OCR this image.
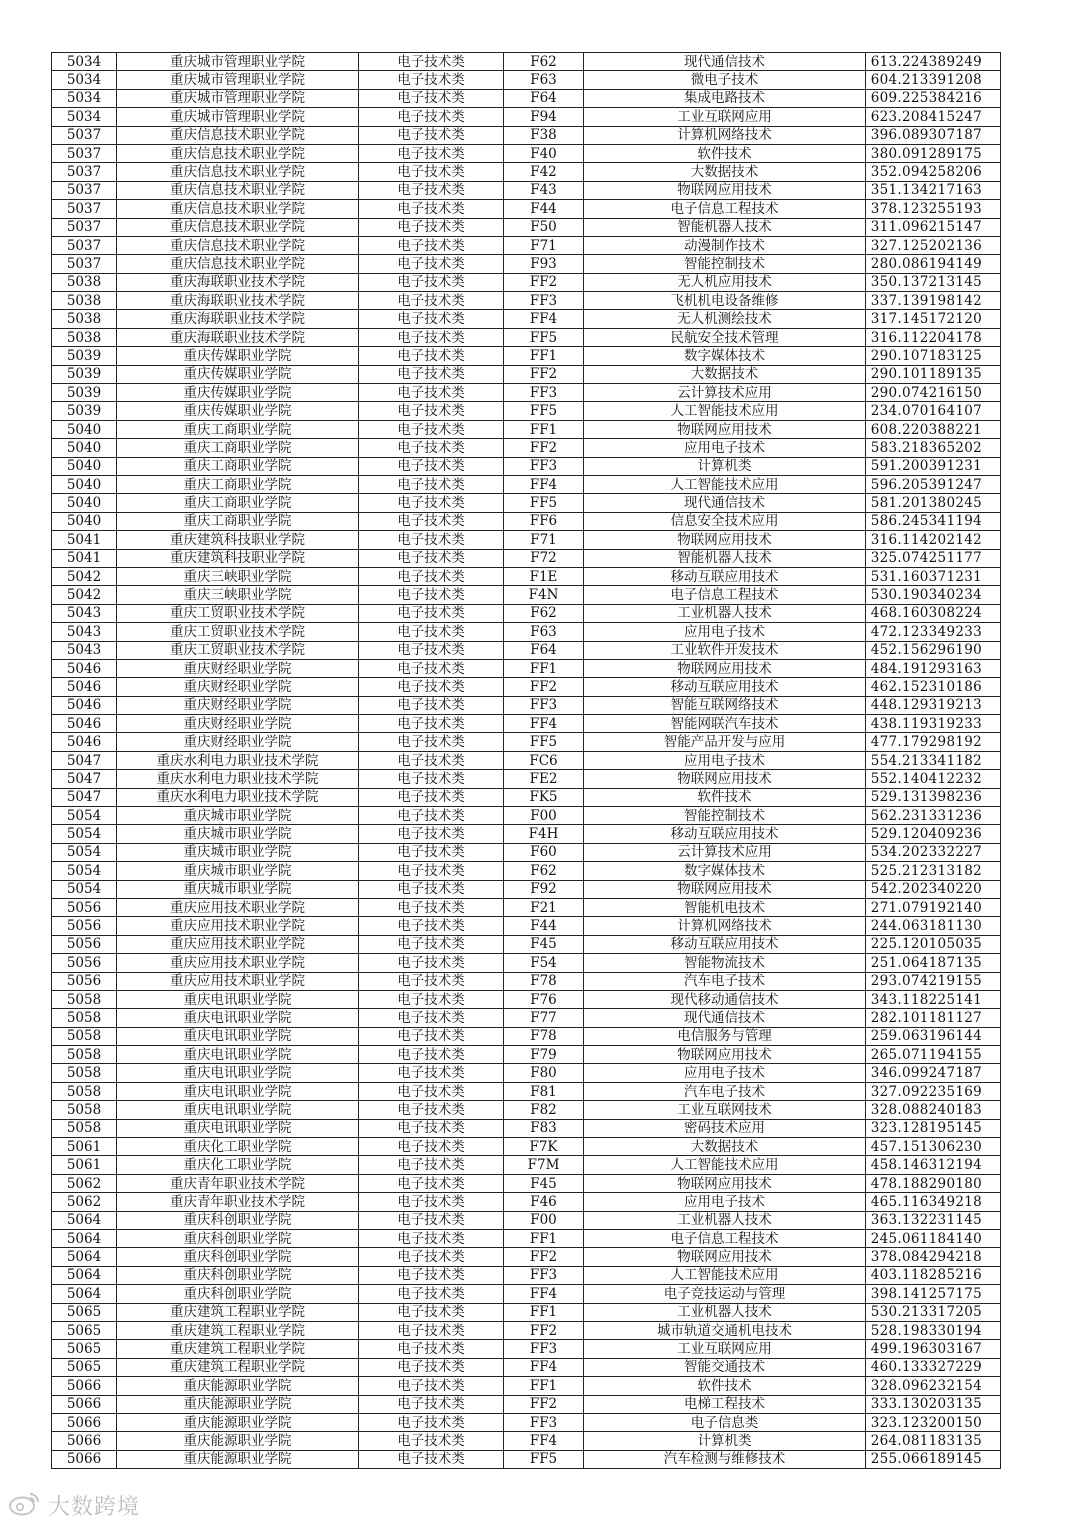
5034	重庆城市管理职业学院	电子技术类	F62	现代通信技术	613.224389249
5034	重庆城市管理职业学院	电子技术类	F63	微电子技术	604.213391208
5034	重庆城市管理职业学院	电子技术类	F64	集成电路技术	609.225384216
5034	重庆城市管理职业学院	电子技术类	F94	工业互联网应用	623.208415247
5037	重庆信息技术职业学院	电子技术类	F38	计算机网络技术	396.089307187
5037	重庆信息技术职业学院	电子技术类	F40	软件技术	380.091289175
5037	重庆信息技术职业学院	电子技术类	F42	大数据技术	352.094258206
5037	重庆信息技术职业学院	电子技术类	F43	物联网应用技术	351.134217163
5037	重庆信息技术职业学院	电子技术类	F44	电子信息工程技术	378.123255193
5037	重庆信息技术职业学院	电子技术类	F50	智能机器人技术	311.096215147
5037	重庆信息技术职业学院	电子技术类	F71	动漫制作技术	327.125202136
5037	重庆信息技术职业学院	电子技术类	F93	智能控制技术	280.086194149
5038	重庆海联职业技术学院	电子技术类	FF2	无人机应用技术	350.137213145
5038	重庆海联职业技术学院	电子技术类	FF3	飞机机电设备维修	337.139198142
5038	重庆海联职业技术学院	电子技术类	FF4	无人机测绘技术	317.145172120
5038	重庆海联职业技术学院	电子技术类	FF5	民航安全技术管理	316.112204178
5039	重庆传媒职业学院	电子技术类	FF1	数字媒体技术	290.107183125
5039	重庆传媒职业学院	电子技术类	FF2	大数据技术	290.101189135
5039	重庆传媒职业学院	电子技术类	FF3	云计算技术应用	290.074216150
5039	重庆传媒职业学院	电子技术类	FF5	人工智能技术应用	234.070164107
5040	重庆工商职业学院	电子技术类	FF1	物联网应用技术	608.220388221
5040	重庆工商职业学院	电子技术类	FF2	应用电子技术	583.218365202
5040	重庆工商职业学院	电子技术类	FF3	计算机类	591.200391231
5040	重庆工商职业学院	电子技术类	FF4	人工智能技术应用	596.205391247
5040	重庆工商职业学院	电子技术类	FF5	现代通信技术	581.201380245
5040	重庆工商职业学院	电子技术类	FF6	信息安全技术应用	586.245341194
5041	重庆建筑科技职业学院	电子技术类	F71	物联网应用技术	316.114202142
5041	重庆建筑科技职业学院	电子技术类	F72	智能机器人技术	325.074251177
5042	重庆三峡职业学院	电子技术类	F1E	移动互联应用技术	531.160371231
5042	重庆三峡职业学院	电子技术类	F4N	电子信息工程技术	530.190340234
5043	重庆工贸职业技术学院	电子技术类	F62	工业机器人技术	468.160308224
5043	重庆工贸职业技术学院	电子技术类	F63	应用电子技术	472.123349233
5043	重庆工贸职业技术学院	电子技术类	F64	工业软件开发技术	452.156296190
5046	重庆财经职业学院	电子技术类	FF1	物联网应用技术	484.191293163
5046	重庆财经职业学院	电子技术类	FF2	移动互联应用技术	462.152310186
5046	重庆财经职业学院	电子技术类	FF3	智能互联网络技术	448.129319213
5046	重庆财经职业学院	电子技术类	FF4	智能网联汽车技术	438.119319233
5046	重庆财经职业学院	电子技术类	FF5	智能产品开发与应用	477.179298192
5047	重庆水利电力职业技术学院	电子技术类	FC6	应用电子技术	554.213341182
5047	重庆水利电力职业技术学院	电子技术类	FE2	物联网应用技术	552.140412232
5047	重庆水利电力职业技术学院	电子技术类	FK5	软件技术	529.131398236
5054	重庆城市职业学院	电子技术类	F00	智能控制技术	562.231331236
5054	重庆城市职业学院	电子技术类	F4H	移动互联应用技术	529.120409236
5054	重庆城市职业学院	电子技术类	F60	云计算技术应用	534.202332227
5054	重庆城市职业学院	电子技术类	F62	数字媒体技术	525.212313182
5054	重庆城市职业学院	电子技术类	F92	物联网应用技术	542.202340220
5056	重庆应用技术职业学院	电子技术类	F21	智能机电技术	271.079192140
5056	重庆应用技术职业学院	电子技术类	F44	计算机网络技术	244.063181130
5056	重庆应用技术职业学院	电子技术类	F45	移动互联应用技术	225.120105035
5056	重庆应用技术职业学院	电子技术类	F54	智能物流技术	251.064187135
5056	重庆应用技术职业学院	电子技术类	F78	汽车电子技术	293.074219155
5058	重庆电讯职业学院	电子技术类	F76	现代移动通信技术	343.118225141
5058	重庆电讯职业学院	电子技术类	F77	现代通信技术	282.101181127
5058	重庆电讯职业学院	电子技术类	F78	电信服务与管理	259.063196144
5058	重庆电讯职业学院	电子技术类	F79	物联网应用技术	265.071194155
5058	重庆电讯职业学院	电子技术类	F80	应用电子技术	346.099247187
5058	重庆电讯职业学院	电子技术类	F81	汽车电子技术	327.092235169
5058	重庆电讯职业学院	电子技术类	F82	工业互联网技术	328.088240183
5058	重庆电讯职业学院	电子技术类	F83	密码技术应用	323.128195145
5061	重庆化工职业学院	电子技术类	F7K	大数据技术	457.151306230
5061	重庆化工职业学院	电子技术类	F7M	人工智能技术应用	458.146312194
5062	重庆青年职业技术学院	电子技术类	F45	物联网应用技术	478.188290180
5062	重庆青年职业技术学院	电子技术类	F46	应用电子技术	465.116349218
5064	重庆科创职业学院	电子技术类	F00	工业机器人技术	363.132231145
5064	重庆科创职业学院	电子技术类	FF1	电子信息工程技术	245.061184140
5064	重庆科创职业学院	电子技术类	FF2	物联网应用技术	378.084294218
5064	重庆科创职业学院	电子技术类	FF3	人工智能技术应用	403.118285216
5064	重庆科创职业学院	电子技术类	FF4	电子竞技运动与管理	398.141257175
5065	重庆建筑工程职业学院	电子技术类	FF1	工业机器人技术	530.213317205
5065	重庆建筑工程职业学院	电子技术类	FF2	城市轨道交通机电技术	528.198330194
5065	重庆建筑工程职业学院	电子技术类	FF3	工业互联网应用	499.196303167
5065	重庆建筑工程职业学院	电子技术类	FF4	智能交通技术	460.133327229
5066	重庆能源职业学院	电子技术类	FF1	软件技术	328.096232154
5066	重庆能源职业学院	电子技术类	FF2	电梯工程技术	333.130203135
5066	重庆能源职业学院	电子技术类	FF3	电子信息类	323.123200150
5066	重庆能源职业学院	电子技术类	FF4	计算机类	264.081183135
5066	重庆能源职业学院	电子技术类	FF5	汽车检测与维修技术	255.066189145
大数跨境
